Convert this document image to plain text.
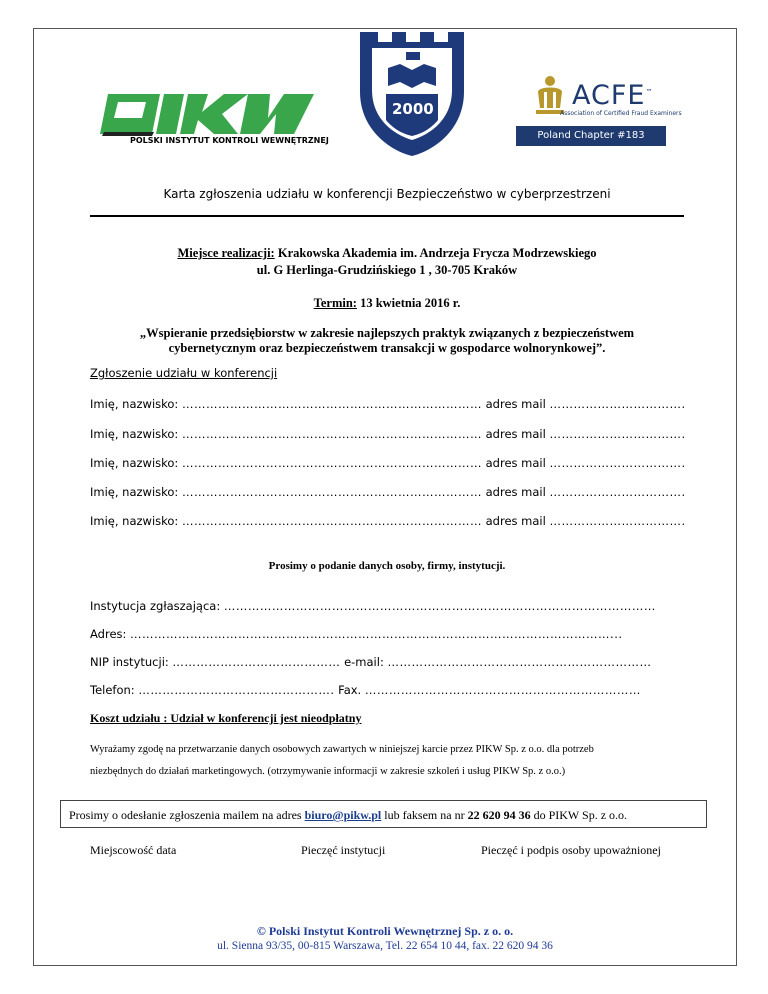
POLSKI INSTYTUT KONTROLI WEWNĘTRZNEJ
2000	ACFE™
Association of Certified Fraud Examiners
Poland Chapter #183
Karta zgłoszenia udziału w konferencji Bezpieczeństwo w cyberprzestrzeni
Miejsce realizacji: Krakowska Akademia im. Andrzeja Frycza Modrzewskiego
ul. G Herlinga-Grudzińskiego 1 , 30-705 Kraków
Termin: 13 kwietnia 2016 r.
„Wspieranie przedsiębiorstw w zakresie najlepszych praktyk związanych z bezpieczeństwem
cybernetycznym oraz bezpieczeństwem transakcji w gospodarce wolnorynkowej”.
Zgłoszenie udziału w konferencji
Imię, nazwisko: ………………………………………………………………… adres mail …………………………….
Imię, nazwisko: ………………………………………………………………… adres mail …………………………….
Imię, nazwisko: ………………………………………………………………… adres mail …………………………….
Imię, nazwisko: ………………………………………………………………… adres mail …………………………….
Imię, nazwisko: ………………………………………………………………… adres mail …………………………….
Prosimy o podanie danych osoby, firmy, instytucji.
Instytucja zgłaszająca: ………………………………………………………………………………………………
Adres: …………………………………………………………………………………………………………...
NIP instytucji: …………………………………… e-mail: …………………………………………………………
Telefon: …………………………………………. Fax. ……………………………………………………………
Koszt udziału : Udział w konferencji jest nieodpłatny
Wyrażamy zgodę na przetwarzanie danych osobowych zawartych w niniejszej karcie przez PIKW Sp. z o.o. dla potrzeb
niezbędnych do działań marketingowych. (otrzymywanie informacji w zakresie szkoleń i usług PIKW Sp. z o.o.)
Prosimy o odesłanie zgłoszenia mailem na adres biuro@pikw.pl lub faksem na nr 22 620 94 36 do PIKW Sp. z o.o.
Miejscowość data	Pieczęć instytucji	Pieczęć i podpis osoby upoważnionej
© Polski Instytut Kontroli Wewnętrznej Sp. z o. o.
ul. Sienna 93/35, 00-815 Warszawa, Tel. 22 654 10 44, fax. 22 620 94 36
